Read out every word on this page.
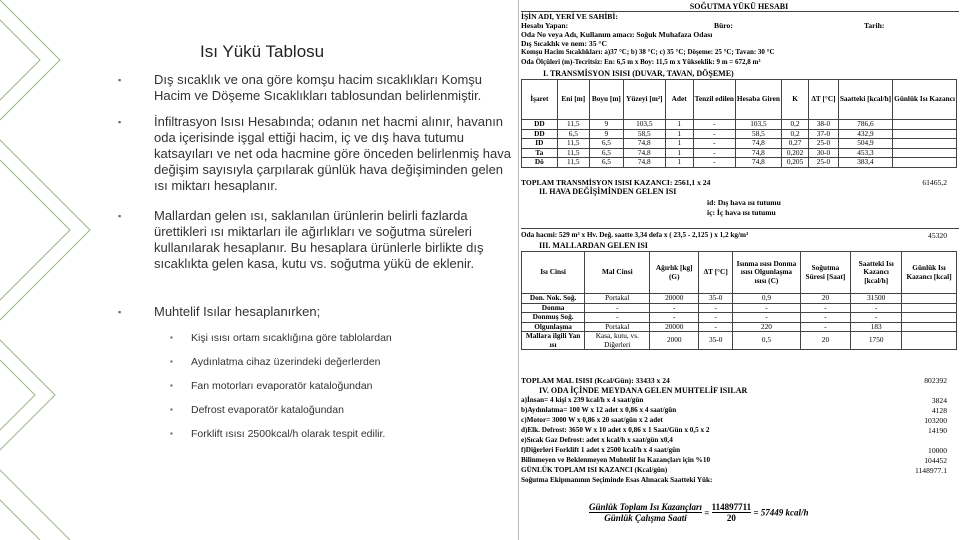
Isı Yükü Tablosu
▪	Dış sıcaklık ve ona göre komşu hacim sıcaklıkları Komşu Hacim ve Döşeme Sıcaklıkları tablosundan belirlenmiştir.
▪	İnfiltrasyon Isısı Hesabında; odanın net hacmi alınır, havanın oda içerisinde işgal ettiği hacim, iç ve dış hava tutumu katsayıları ve net oda hacmine göre önceden belirlenmiş hava değişim sayısıyla çarpılarak günlük hava değişiminden gelen ısı miktarı hesaplanır.
▪	Mallardan gelen ısı, saklanılan ürünlerin belirli fazlarda ürettikleri ısı miktarları ile ağırlıkları ve soğutma süreleri kullanılarak hesaplanır. Bu hesaplara ürünlerle birlikte dış sıcaklıkta gelen kasa, kutu vs. soğutma yükü de eklenir.
▪	Muhtelif Isılar hesaplanırken;
▪ Kişi ısısı ortam sıcaklığına göre tablolardan
▪ Aydınlatma cihaz üzerindeki değerlerden
▪ Fan motorları evaporatör kataloğundan
▪ Defrost evaporatör kataloğundan
▪ Forklift ısısı 2500kcal/h olarak tespit edilir.
SOĞUTMA YÜKÜ HESABI
İŞİN ADI, YERİ VE SAHİBİ:
Hesabı Yapan:	Büro:	Tarih:
Oda No veya Adı, Kullanım amacı: Soğuk Muhafaza Odası
Dış Sıcaklık ve nem: 35 °C
Komşu Hacim Sıcaklıkları: a)37 °C; b) 38 °C; c) 35 °C; Döşeme: 25 °C; Tavan: 30 °C
Oda Ölçüleri (m)-Tecritsiz: En: 6,5 m x Boy: 11,5 m x Yükseklik: 9 m = 672,8 m³
I. TRANSMİSYON ISISI (DUVAR, TAVAN, DÖŞEME)
İşaret	Eni [m]	Boyu [m]	Yüzeyi [m²]	Adet	Tenzil edilen	Hesaba Giren	K	ΔT [°C]	Saatteki [kcal/h]	Günlük Isı Kazancı
DD	11,5	9	103,5	1	-	103,5	0,2	38-0	786,6	
DD	6,5	9	58,5	1	-	58,5	0,2	37-0	432,9	
ID	11,5	6,5	74,8	1	-	74,8	0,27	25-0	504,9	
Ta	11,5	6,5	74,8	1	-	74,8	0,202	30-0	453,3	
Dö	11,5	6,5	74,8	1	-	74,8	0,205	25-0	383,4	
TOPLAM TRANSMİSYON ISISI KAZANCI: 2561,1 x 24	61465,2
II. HAVA DEĞİŞİMİNDEN GELEN ISI
id: Dış hava ısı tutumu
iç: İç hava ısı tutumu
Oda hacmi: 529 m³ x Hv. Değ. saatte 3,34 defa x ( 23,5 - 2,125 ) x 1,2 kg/m³	45320
III. MALLARDAN GELEN ISI
Isı Cinsi	Mal Cinsi	Ağırlık [kg] (G)	ΔT [°C]	Isınma ısısı Donma ısısı Olgunlaşma ısısı (C)	Soğutma Süresi [Saat]	Saatteki Isı Kazancı [kcal/h]	Günlük Isı Kazancı [kcal]
Don. Nok. Soğ.	Portakal	20000	35-0	0,9	20	31500	
Donma	-	-	-	-	-	-	
Donmuş Soğ.	-	-	-	-	-	-	
Olgunlaşma	Portakal	20000	-	220	-	183	
Mallara ilgili Yan ısı	Kasa, kutu, vs. Diğerleri	2000	35-0	0,5	20	1750	
TOPLAM MAL ISISI (Kcal/Gün): 33433 x 24	802392
IV. ODA İÇİNDE MEYDANA GELEN MUHTELİF ISILAR
a)İnsan= 4 kişi x 239 kcal/h x 4 saat/gün	3824
b)Aydınlatma= 100 W x 12 adet x 0,86 x 4 saat/gün	4128
c)Motor= 3000 W x 0,86 x 20 saat/gün x 2 adet	103200
d)Elk. Defrost: 3650 W x 10 adet x 0,86 x 1 Saat/Gün x 0,5 x 2	14190
e)Sıcak Gaz Defrost: adet x kcal/h x saat/gün x0,4
f)Diğerleri Forklift 1 adet x 2500 kcal/h x 4 saat/gün	10000
Bilinmeyen ve Beklenmeyen Muhtelif Isı Kazançları için %10	104452
GÜNLÜK TOPLAM ISI KAZANCI (Kcal/gün)	1148977.1
Soğutma Ekipmanının Seçiminde Esas Alınacak Saatteki Yük:
Günlük Toplam Isı Kazançları
Günlük Çalışma Saati
= $\frac{114897711}{20} = 57449$ kcal/h
